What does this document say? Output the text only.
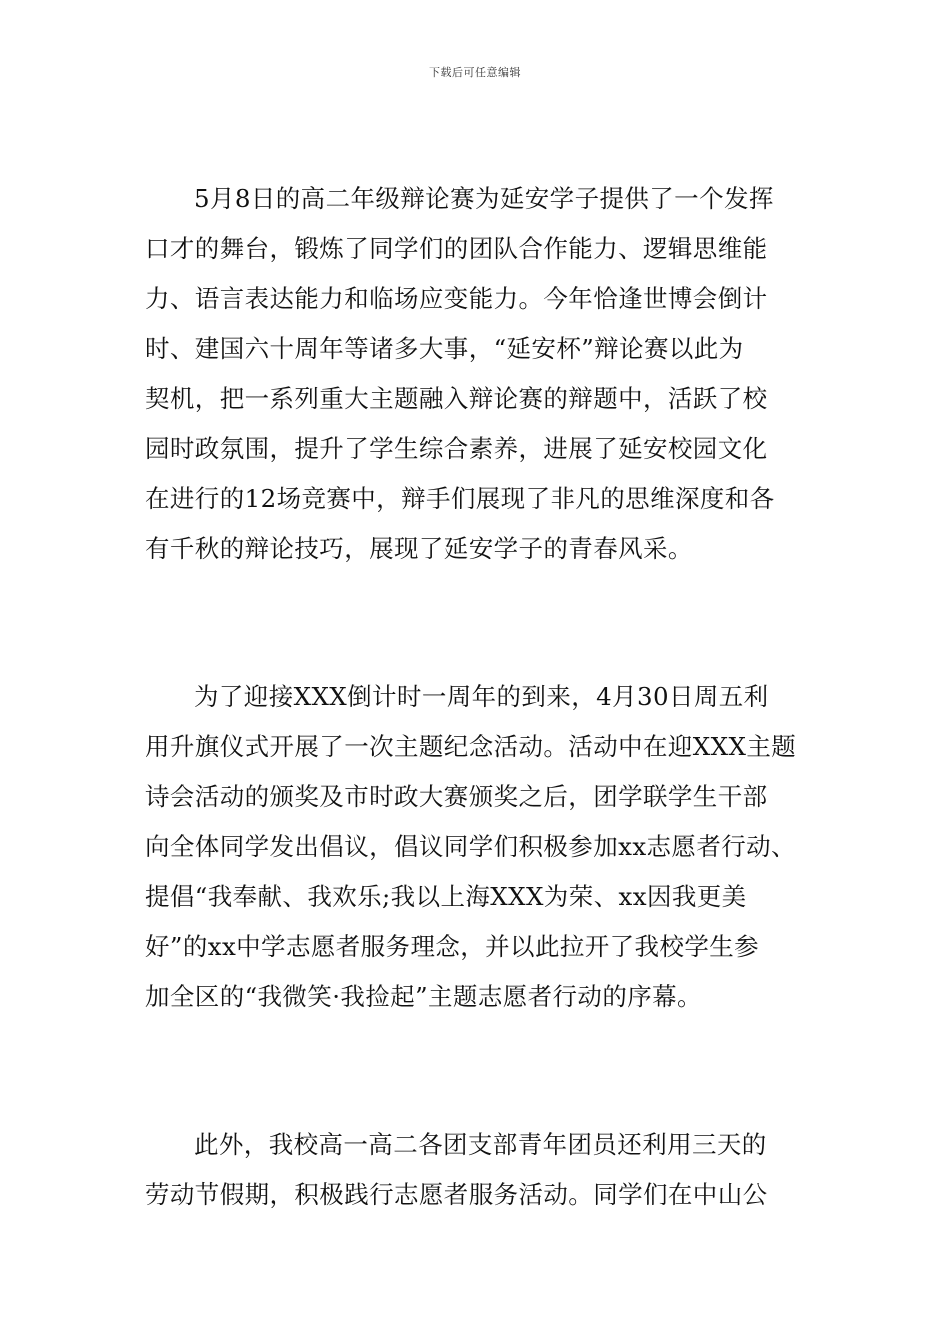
下载后可任意编辑
5月8日的高二年级辩论赛为延安学子提供了一个发挥
口才的舞台，锻炼了同学们的团队合作能力、逻辑思维能
力、语言表达能力和临场应变能力。今年恰逢世博会倒计
时、建国六十周年等诸多大事，“延安杯”辩论赛以此为
契机，把一系列重大主题融入辩论赛的辩题中，活跃了校
园时政氛围，提升了学生综合素养，进展了延安校园文化
在进行的12场竞赛中，辩手们展现了非凡的思维深度和各
有千秋的辩论技巧，展现了延安学子的青春风采。
为了迎接XXX倒计时一周年的到来，4月30日周五利
用升旗仪式开展了一次主题纪念活动。活动中在迎XXX主题
诗会活动的颁奖及市时政大赛颁奖之后，团学联学生干部
向全体同学发出倡议，倡议同学们积极参加xx志愿者行动、
提倡“我奉献、我欢乐;我以上海XXX为荣、xx因我更美
好”的xx中学志愿者服务理念，并以此拉开了我校学生参
加全区的“我微笑·我捡起”主题志愿者行动的序幕。
此外，我校高一高二各团支部青年团员还利用三天的
劳动节假期，积极践行志愿者服务活动。同学们在中山公
